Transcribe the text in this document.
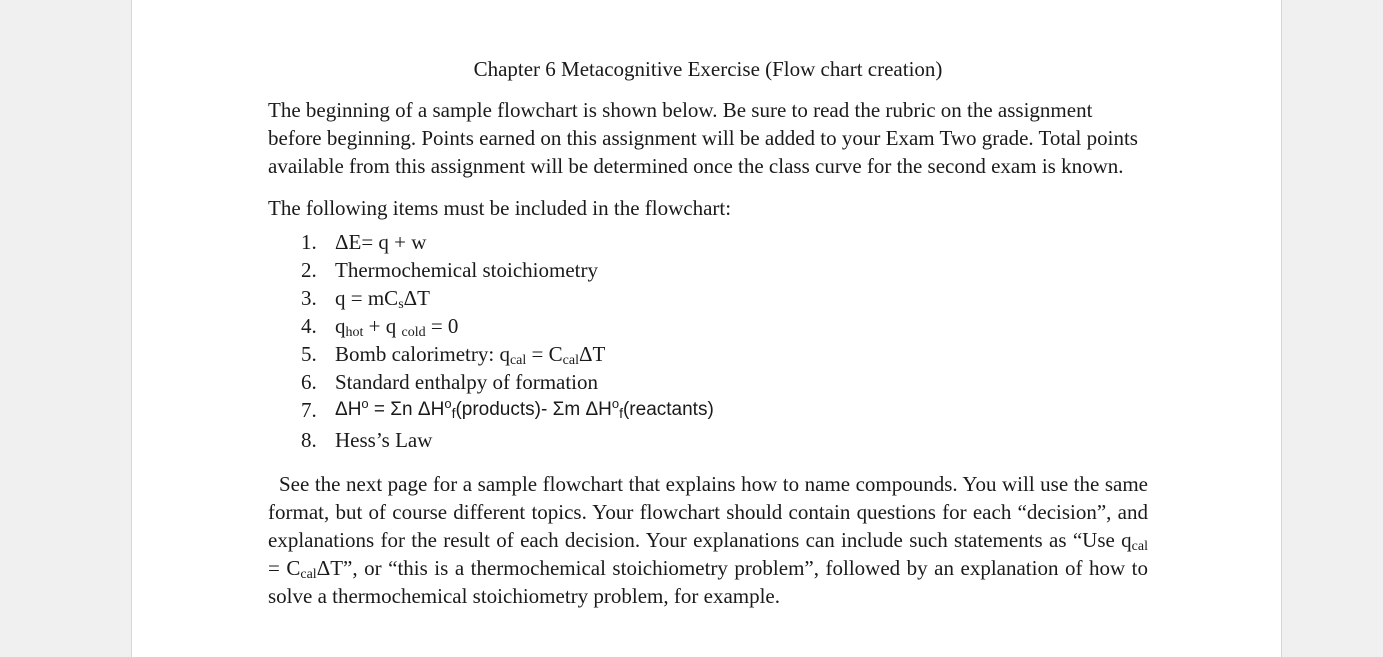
Chapter 6 Metacognitive Exercise (Flow chart creation)

The beginning of a sample flowchart is shown below. Be sure to read the rubric on the assignment before beginning. Points earned on this assignment will be added to your Exam Two grade. Total points available from this assignment will be determined once the class curve for the second exam is known.

The following items must be included in the flowchart:

1. ΔE= q + w
2. Thermochemical stoichiometry
3. $q = mC_s\Delta T$
4. $q_{hot} + q$ $_{cold}$ = 0
5. Bomb calorimetry: $q_{cal} = C_{cal}\Delta T$
6. Standard enthalpy of formation
7. $\Delta H^o = \Sigma n$ $\Delta H^o_f(products)-$ Σm $\Delta H^o_f(reactants)$
8. Hess’s Law

See the next page for a sample flowchart that explains how to name compounds. You will use the same format, but of course different topics. Your flowchart should contain questions for each “decision”, and explanations for the result of each decision. Your explanations can include such statements as “Use $q_{cal} = C_{cal}\Delta T$”, or “this is a thermochemical stoichiometry problem”, followed by an explanation of how to solve a thermochemical stoichiometry problem, for example.
